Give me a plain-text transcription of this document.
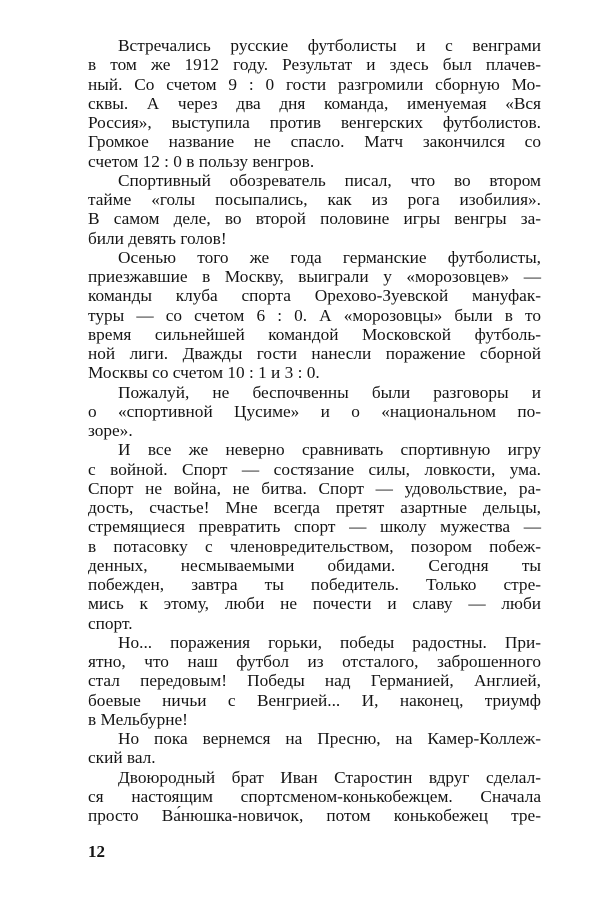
Встречались русские футболисты и с венграми
в том же 1912 году. Результат и здесь был плачев-
ный. Со счетом 9 : 0 гости разгромили сборную Мо-
сквы. А через два дня команда, именуемая «Вся
Россия», выступила против венгерских футболистов.
Громкое название не спасло. Матч закончился со
счетом 12 : 0 в пользу венгров.
Спортивный обозреватель писал, что во втором
тайме «голы посыпались, как из рога изобилия».
В самом деле, во второй половине игры венгры за-
били девять голов!
Осенью того же года германские футболисты,
приезжавшие в Москву, выиграли у «морозовцев» —
команды клуба спорта Орехово-Зуевской мануфак-
туры — со счетом 6 : 0. А «морозовцы» были в то
время сильнейшей командой Московской футболь-
ной лиги. Дважды гости нанесли поражение сборной
Москвы со счетом 10 : 1 и 3 : 0.
Пожалуй, не беспочвенны были разговоры и
о «спортивной Цусиме» и о «национальном по-
зоре».
И все же неверно сравнивать спортивную игру
с войной. Спорт — состязание силы, ловкости, ума.
Спорт не война, не битва. Спорт — удовольствие, ра-
дость, счастье! Мне всегда претят азартные дельцы,
стремящиеся превратить спорт — школу мужества —
в потасовку с членовредительством, позором побеж-
денных, несмываемыми обидами. Сегодня ты
побежден, завтра ты победитель. Только стре-
мись к этому, люби не почести и славу — люби
спорт.
Но... поражения горьки, победы радостны. При-
ятно, что наш футбол из отсталого, заброшенного
стал передовым! Победы над Германией, Англией,
боевые ничьи с Венгрией... И, наконец, триумф
в Мельбурне!
Но пока вернемся на Пресню, на Камер-Коллеж-
ский вал.
Двоюродный брат Иван Старостин вдруг сделал-
ся настоящим спортсменом-конькобежцем. Сначала
просто Ва́нюшка-новичок, потом конькобежец тре-
12
